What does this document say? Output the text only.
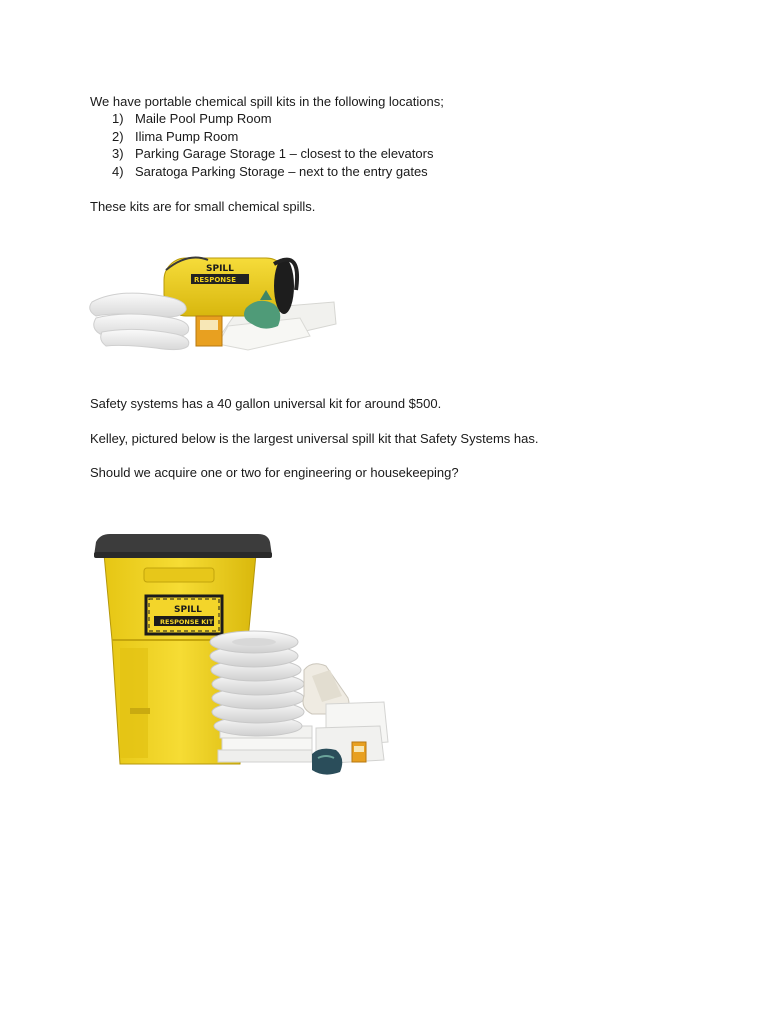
We have portable chemical spill kits in the following locations;
1) Maile Pool Pump Room
2) Ilima Pump Room
3) Parking Garage Storage 1 – closest to the elevators
4) Saratoga Parking Storage – next to the entry gates
These kits are for small chemical spills.
SPILL
RESPONSE
Safety systems has a 40 gallon universal kit for around $500.
Kelley, pictured below is the largest universal spill kit that Safety Systems has.
Should we acquire one or two for engineering or housekeeping?
SPILL
RESPONSE KIT
